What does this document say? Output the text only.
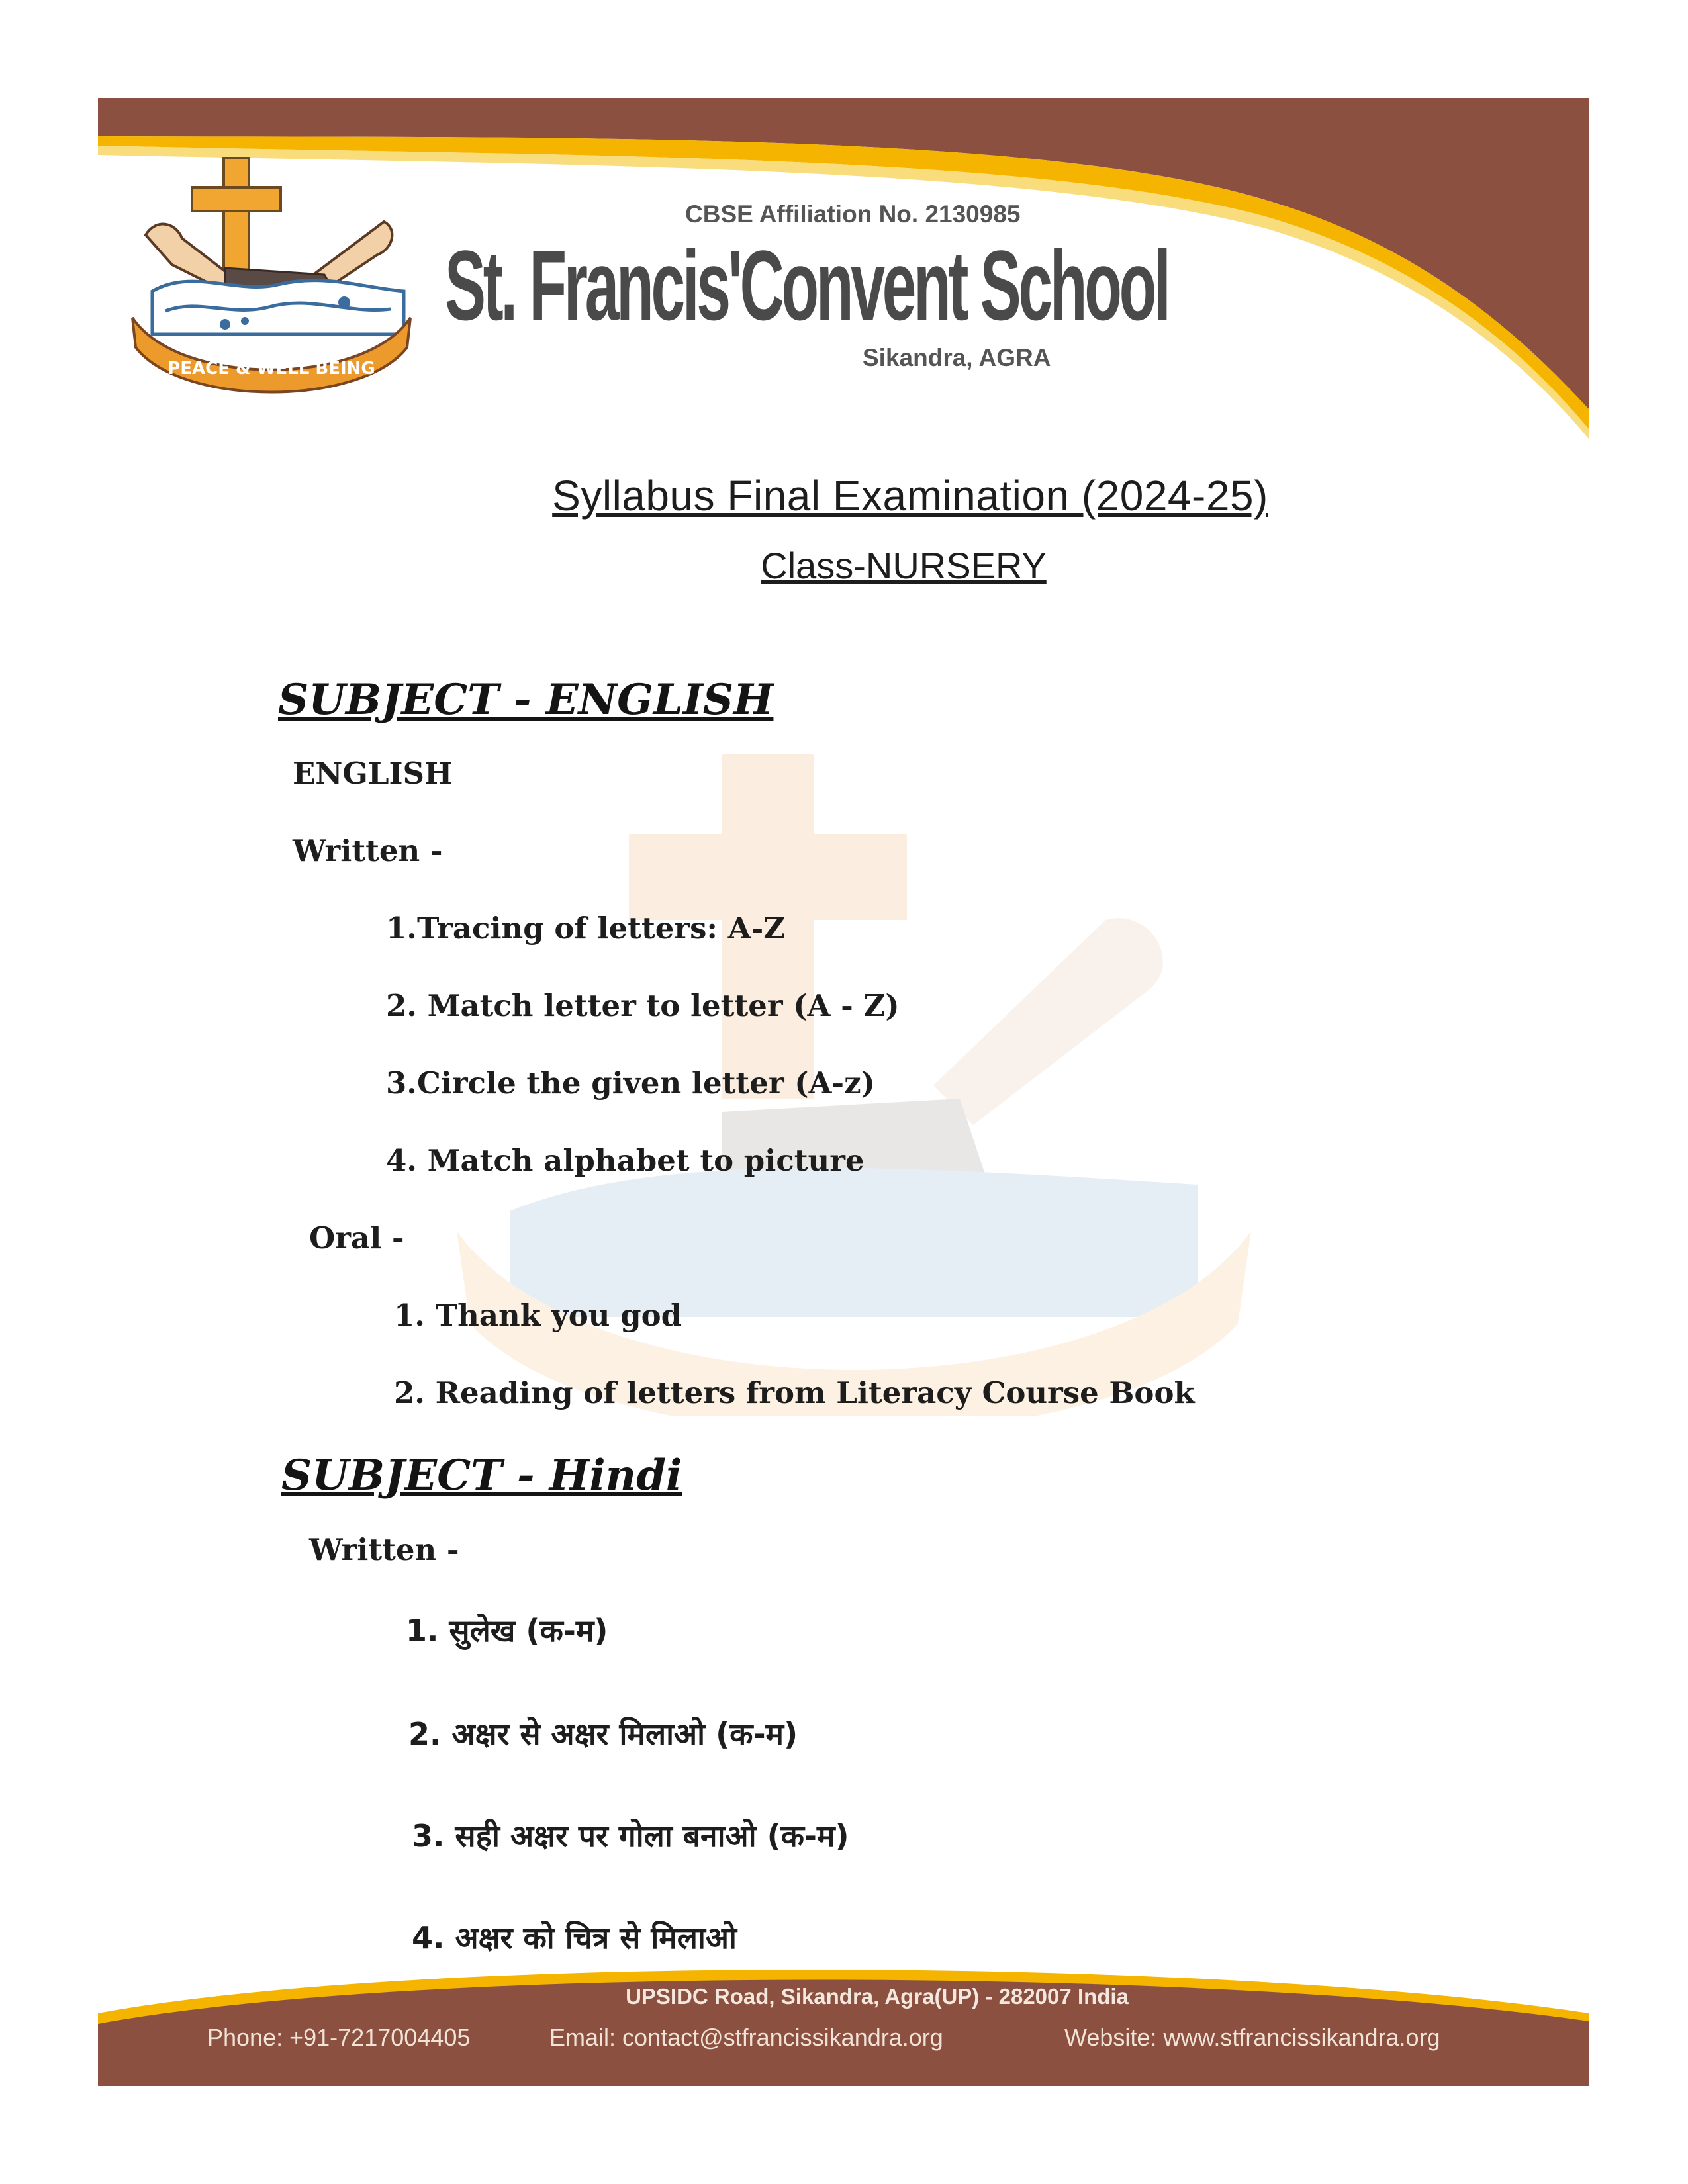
PEACE & WELL BEING
CBSE Affiliation No. 2130985
St. Francis'Convent School
Sikandra, AGRA
Syllabus Final Examination (2024-25)
Class-NURSERY
SUBJECT - ENGLISH
ENGLISH
Written -
1.Tracing of letters: A-Z
2. Match letter to letter (A - Z)
3.Circle the given letter (A-z)
4. Match alphabet to picture
Oral -
1. Thank you god
2. Reading of letters from Literacy Course Book
SUBJECT - Hindi
Written -
1. सुलेख (क-म)
2. अक्षर से अक्षर मिलाओ (क-म)
3. सही अक्षर पर गोला बनाओ (क-म)
4. अक्षर को चित्र से मिलाओ
UPSIDC Road, Sikandra, Agra(UP) - 282007 India
Phone: +91-7217004405	Email: contact@stfrancissikandra.org	Website: www.stfrancissikandra.org
